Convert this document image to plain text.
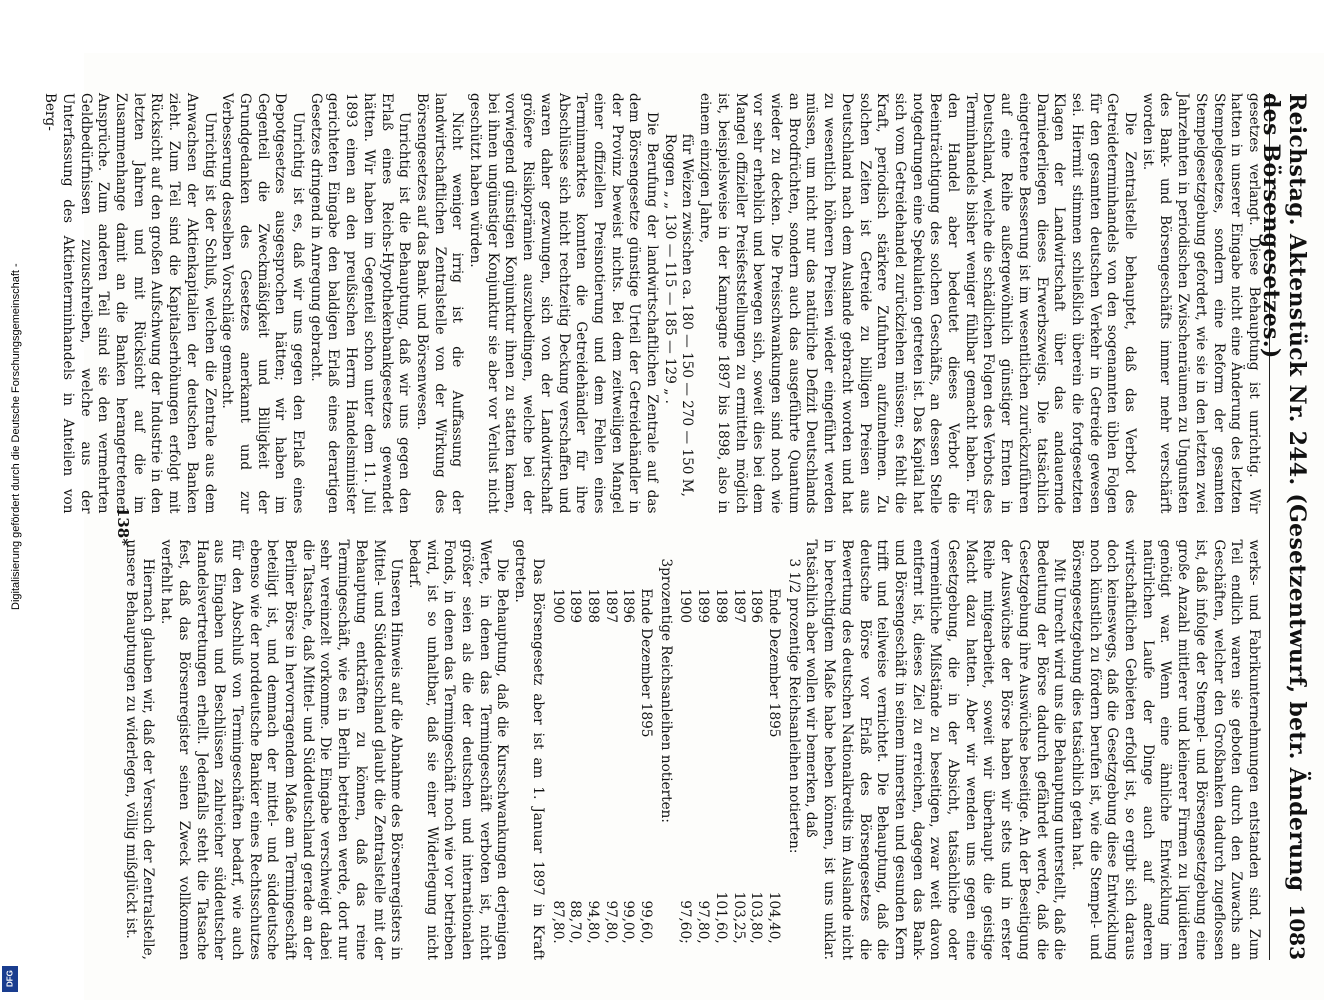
Digitalisierung gefördert durch die Deutsche Forschungsgemeinschaft -
DFG
Reichstag. Aktenstück Nr. 244. (Gesetzentwurf, betr. Änderung des Börsengesetzes.)
1083

gesetzes verlangt. Diese Behauptung ist unrichtig. Wir hatten in unserer Eingabe nicht eine Änderung des letzten Stempelgesetzes, sondern eine Reform der gesamten Stempelgesetzgebung gefordert, wie sie in den letzten zwei Jahrzehnten in periodischen Zwischenräumen zu Ungunsten des Bank- und Börsengeschäfts immer mehr verschärft worden ist.

Die Zentralstelle behauptet, daß das Verbot des Getreideterminhandels von den sogenannten üblen Folgen für den gesamten deutschen Verkehr in Getreide gewesen sei. Hiermit stimmen schließlich überein die fortgesetzten Klagen der Landwirtschaft über das andauernde Darniederliegen dieses Erwerbszweigs. Die tatsächlich eingetretene Besserung ist im wesentlichen zurückzuführen auf eine Reihe außergewöhnlich günstiger Ernten in Deutschland, welche die schädlichen Folgen des Verbots des Terminhandels bisher weniger fühlbar gemacht haben. Für den Handel aber bedeutet dieses Verbot die Beeinträchtigung des solchen Geschäfts, an dessen Stelle notgedrungen eine Spekulation getreten ist. Das Kapital hat sich vom Getreidehandel zurückziehen müssen; es fehlt die Kraft, periodisch stärkere Zufuhren aufzunehmen. Zu solchen Zeiten ist Getreide zu billigen Preisen aus Deutschland nach dem Auslande gebracht worden und hat zu wesentlich höheren Preisen wieder eingeführt werden müssen, um nicht nur das natürliche Defizit Deutschlands an Brodfrüchten, sondern auch das ausgeführte Quantum wieder zu decken. Die Preisschwankungen sind noch wie vor sehr erheblich und bewegen sich, soweit dies bei dem Mangel offizieller Preisfeststellungen zu ermitteln möglich ist, beispielsweise in der Kampagne 1897 bis 1898, also in einem einzigen Jahre,

für Weizen zwischen ca. 180 — 150 — 270 — 150 M,

Roggen „ „ 130 — 115 — 185 — 129 „ .

Die Berufung der landwirtschaftlichen Zentrale auf das dem Börsengesetze günstige Urteil der Getreidehändler in der Provinz beweist nichts. Bei dem zeitweiligen Mangel einer offiziellen Preisnotierung und dem Fehlen eines Terminmarktes konnten die Getreidehändler für ihre Abschlüsse sich nicht rechtzeitig Deckung verschaffen und waren daher gezwungen, sich von der Landwirtschaft größere Risikoprämien auszubedingen, welche bei der vorwiegend günstigen Konjunktur ihnen zu statten kamen, bei ihnen ungünstiger Konjunktur sie aber vor Verlust nicht geschützt haben würden.

Nicht weniger irrig ist die Auffassung der landwirtschaftlichen Zentralstelle von der Wirkung des Börsengesetzes auf das Bank- und Börsenwesen.

Unrichtig ist die Behauptung, daß wir uns gegen den Erlaß eines Reichs-Hypothekenbankgesetzes gewendet hätten. Wir haben im Gegenteil schon unter dem 11. Juli 1893 einen an den preußischen Herrn Handelsminister gerichteten Eingabe den baldigen Erlaß eines derartigen Gesetzes dringend in Anregung gebracht.

Unrichtig ist es, daß wir uns gegen den Erlaß eines Depotgesetzes ausgesprochen hätten; wir haben im Gegenteil die Zweckmäßigkeit und Billigkeit der Grundgedanken des Gesetzes anerkannt und zur Verbesserung desselben Vorschläge gemacht.

Unrichtig ist der Schluß, welchen die Zentrale aus dem Anwachsen der Aktienkapitalien der deutschen Banken zieht. Zum Teil sind die Kapitalserhöhungen erfolgt mit Rücksicht auf den großen Aufschwung der Industrie in den letzten Jahren und mit Rücksicht auf die im Zusammenhange damit an die Banken herangetretenen Ansprüche. Zum anderen Teil sind sie den vermehrten Geldbedürfnissen zuzuschreiben, welche aus der Unterfassung des Aktienterminhandels in Anteilen von Berg-

werks- und Fabrikunternehmungen entstanden sind. Zum Teil endlich waren sie geboten durch den Zuwachs an Geschäften, welcher den Großbanken dadurch zugeflossen ist, daß infolge der Stempel- und Börsengesetzgebung eine große Anzahl mittlerer und kleinerer Firmen zu liquidieren genötigt war. Wenn eine ähnliche Entwicklung im natürlichen Laufe der Dinge auch auf anderen wirtschaftlichen Gebieten erfolgt ist, so ergibt sich daraus doch keineswegs, daß die Gesetzgebung diese Entwicklung noch künstlich zu fördern berufen ist, wie die Stempel- und Börsengesetzgebung dies tatsächlich getan hat.

Mit Unrecht wird uns die Behauptung unterstellt, daß die Bedeutung der Börse dadurch gefährdet werde, daß die Gesetzgebung ihre Auswüchse beseitige. An der Beseitigung der Auswüchse der Börse haben wir stets und in erster Reihe mitgearbeitet, soweit wir überhaupt die geistige Macht dazu hatten. Aber wir wenden uns gegen eine Gesetzgebung, die in der Absicht, tatsächliche oder vermeintliche Mißstände zu beseitigen, zwar weit davon entfernt ist, dieses Ziel zu erreichen, dagegen das Bank- und Börsengeschäft in seinem innersten und gesunden Kern trifft und teilweise vernichtet. Die Behauptung, daß die deutsche Börse vor Erlaß des Börsengesetzes die Bewertung des deutschen Nationalkredits im Auslande nicht in berechtigtem Maße habe heben können, ist uns unklar. Tatsächlich aber wollen wir bemerken, daß

3 1/2 prozentige Reichsanleihen notierten:

Ende Dezember 1895
104,40,
1896
103,80,
1897
103,25,
1898
101,60,
1899
97,80,
1900
97,60;

3prozentige Reichsanleihen notierten:

Ende Dezember 1895
99,60,
1896
99,00,
1897
97,80,
1898
94,80,
1899
88,70,
1900
87,80.

Das Börsengesetz aber ist am 1. Januar 1897 in Kraft getreten.

Die Behauptung, daß die Kursschwankungen derjenigen Werte, in denen das Termingeschäft verboten ist, nicht größer seien als die der deutschen und internationalen Fonds, in denen das Termingeschäft noch wie vor betrieben wird, ist so unhaltbar, daß sie einer Widerlegung nicht bedarf.

Unseren Hinweis auf die Abnahme des Börsenregisters in Mittel- und Süddeutschland glaubt die Zentralstelle mit der Behauptung entkräften zu können, daß das reine Termingeschäft, wie es in Berlin betrieben werde, dort nur sehr vereinzelt vorkomme. Die Eingabe verschweigt dabei die Tatsache, daß Mittel- und Süddeutschland gerade an der Berliner Börse in hervorragendem Maße am Termingeschäft beteiligt ist, und demnach der mittel- und süddeutsche ebenso wie der norddeutsche Bankier eines Rechtsschutzes für den Abschluß von Termingeschäften bedarf, wie auch aus Eingaben und Beschlüssen zahlreicher süddeutscher Handelsvertretungen erhellt. Jedenfalls steht die Tatsache fest, daß das Börsenregister seinen Zweck vollkommen verfehlt hat.

Hiernach glauben wir, daß der Versuch der Zentralstelle, unsere Behauptungen zu widerlegen, völlig mißglückt ist.

138*
